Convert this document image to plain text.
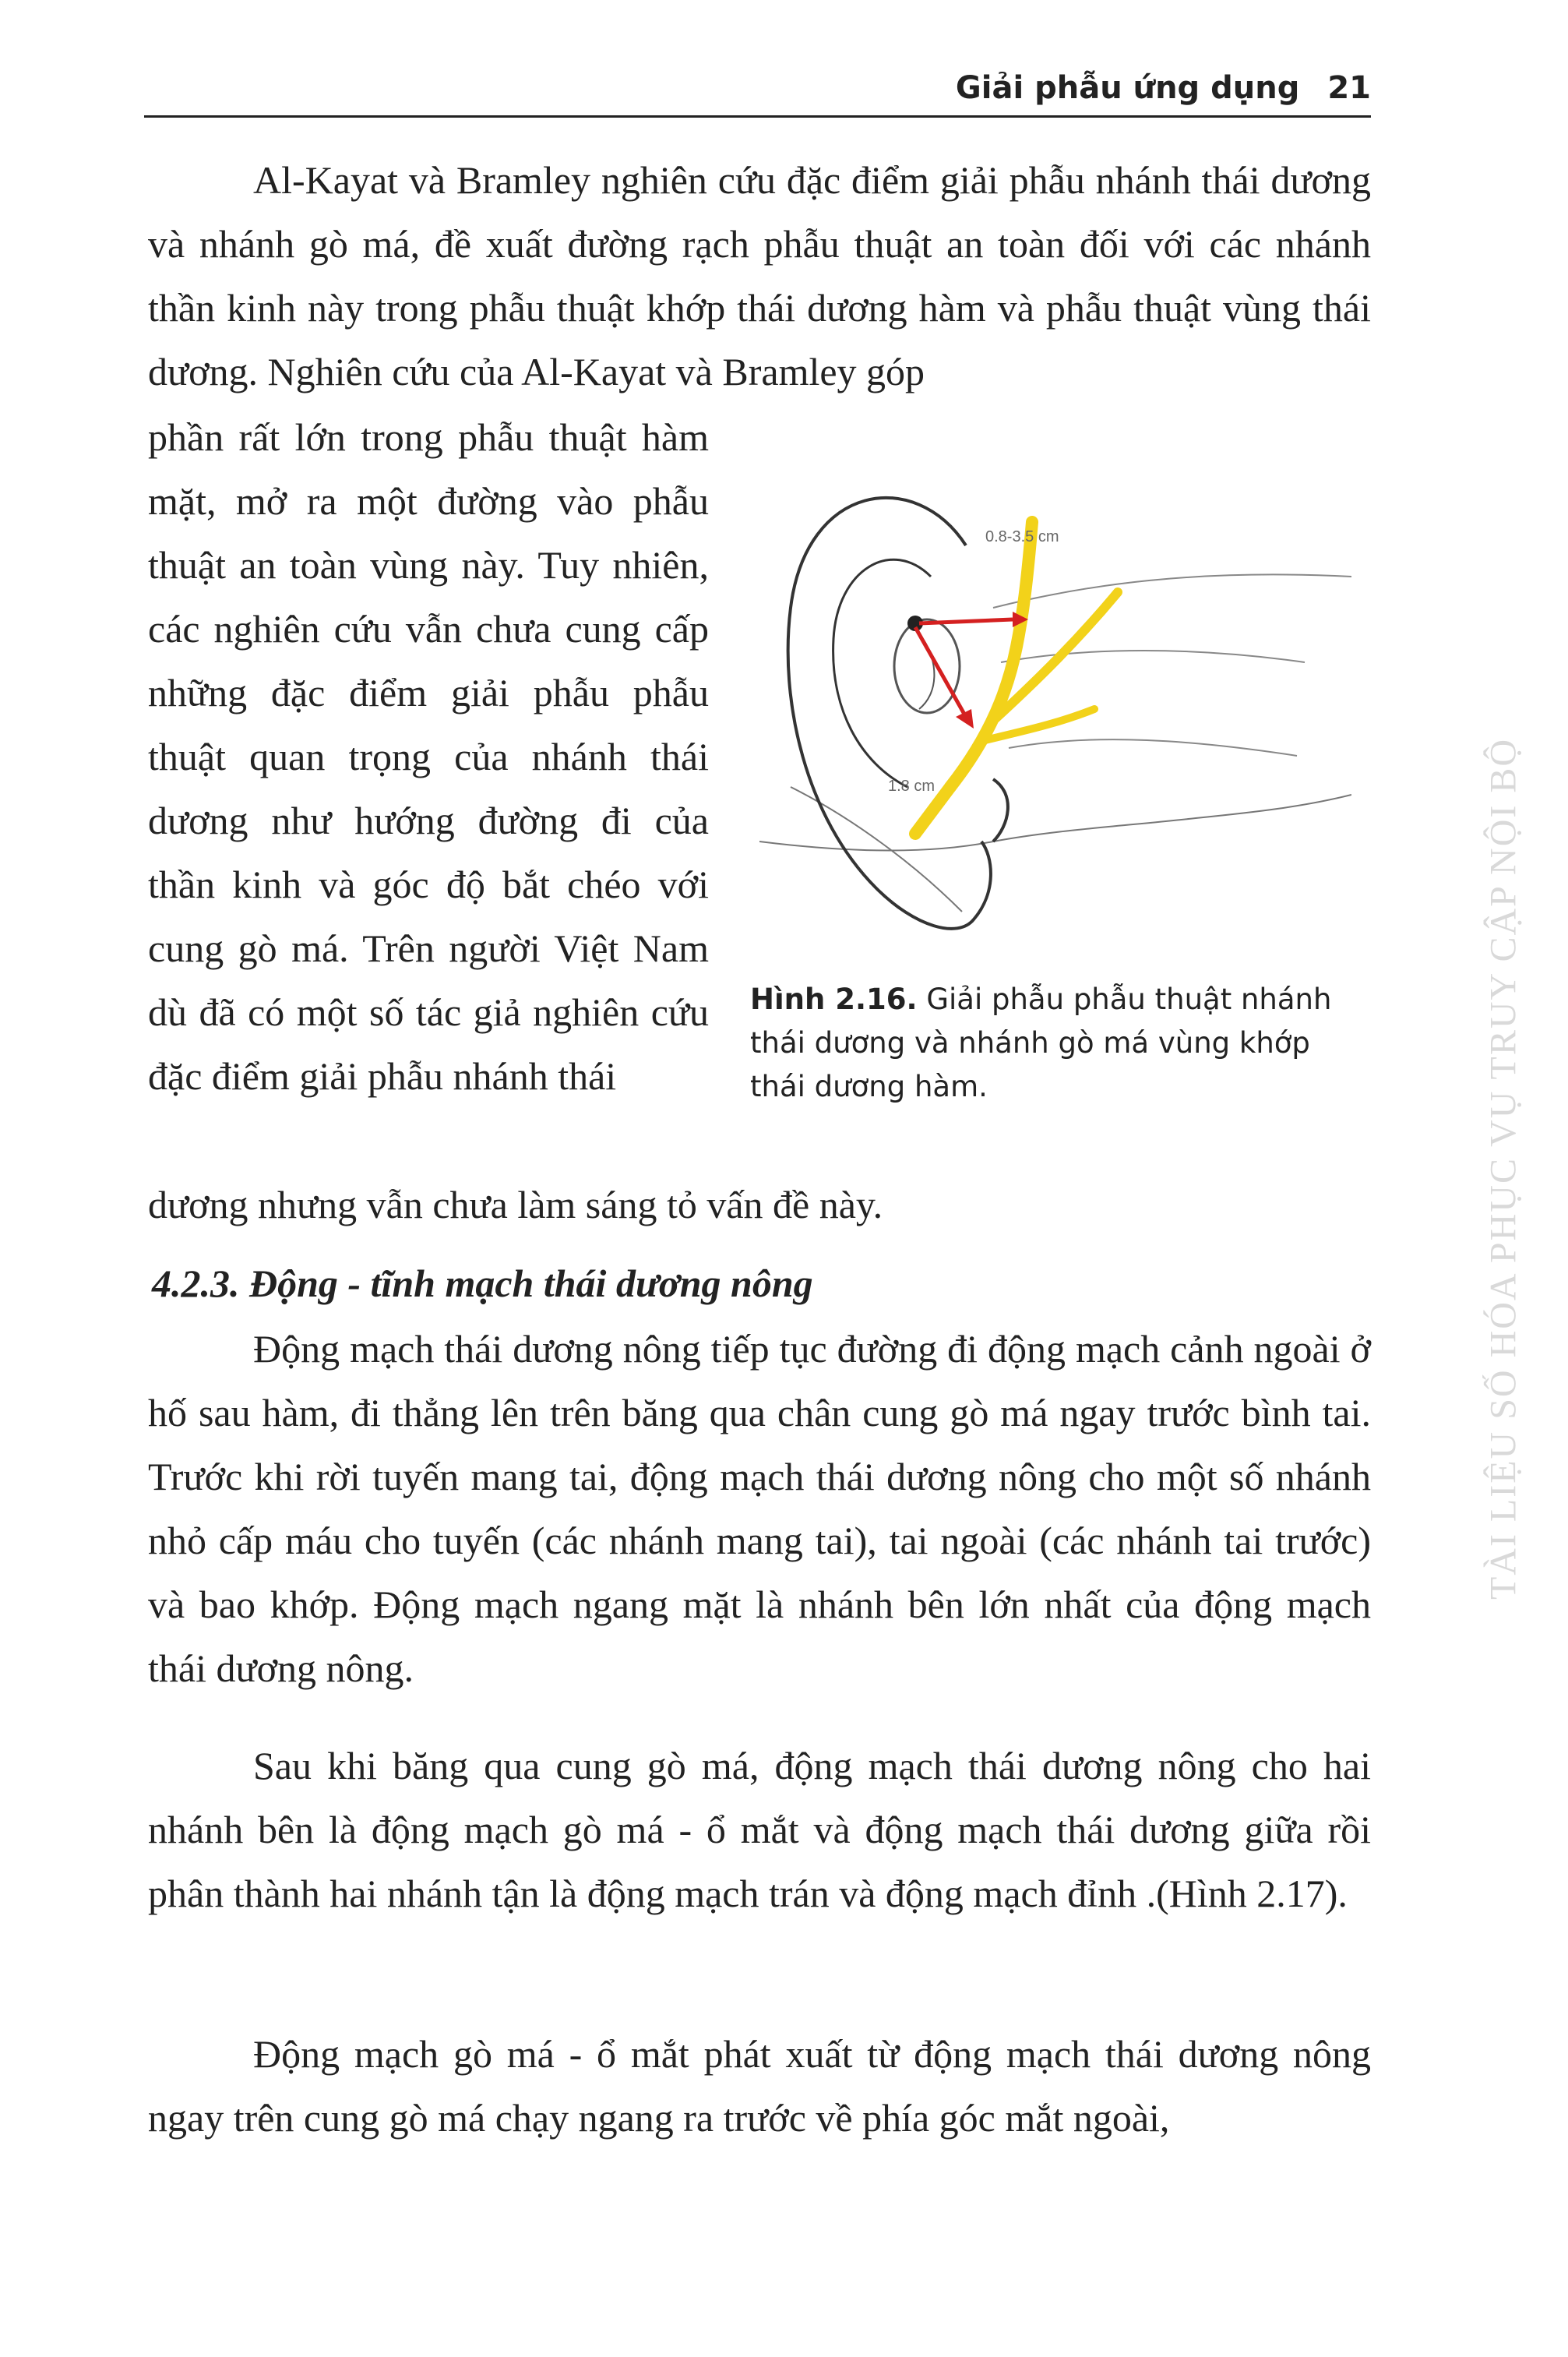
Giải phẫu ứng dụng 21

Al-Kayat và Bramley nghiên cứu đặc điểm giải phẫu nhánh thái dương và nhánh gò má, đề xuất đường rạch phẫu thuật an toàn đối với các nhánh thần kinh này trong phẫu thuật khớp thái dương hàm và phẫu thuật vùng thái dương. Nghiên cứu của Al-Kayat và Bramley góp

phần rất lớn trong phẫu thuật hàm mặt, mở ra một đường vào phẫu thuật an toàn vùng này. Tuy nhiên, các nghiên cứu vẫn chưa cung cấp những đặc điểm giải phẫu phẫu thuật quan trọng của nhánh thái dương như hướng đường đi của thần kinh và góc độ bắt chéo với cung gò má. Trên người Việt Nam dù đã có một số tác giả nghiên cứu đặc điểm giải phẫu nhánh thái

dương nhưng vẫn chưa làm sáng tỏ vấn đề này.

0.8-3.5 cm
1.8 cm

Hình 2.16. Giải phẫu phẫu thuật nhánh thái dương và nhánh gò má vùng khớp thái dương hàm.

4.2.3. Động - tĩnh mạch thái dương nông

Động mạch thái dương nông tiếp tục đường đi động mạch cảnh ngoài ở hố sau hàm, đi thẳng lên trên băng qua chân cung gò má ngay trước bình tai. Trước khi rời tuyến mang tai, động mạch thái dương nông cho một số nhánh nhỏ cấp máu cho tuyến (các nhánh mang tai), tai ngoài (các nhánh tai trước) và bao khớp. Động mạch ngang mặt là nhánh bên lớn nhất của động mạch thái dương nông.

Sau khi băng qua cung gò má, động mạch thái dương nông cho hai nhánh bên là động mạch gò má - ổ mắt và động mạch thái dương giữa rồi phân thành hai nhánh tận là động mạch trán và động mạch đỉnh .(Hình 2.17).

Động mạch gò má - ổ mắt phát xuất từ động mạch thái dương nông ngay trên cung gò má chạy ngang ra trước về phía góc mắt ngoài,

TÀI LIỆU SỐ HÓA PHỤC VỤ TRUY CẬP NỘI BỘ
